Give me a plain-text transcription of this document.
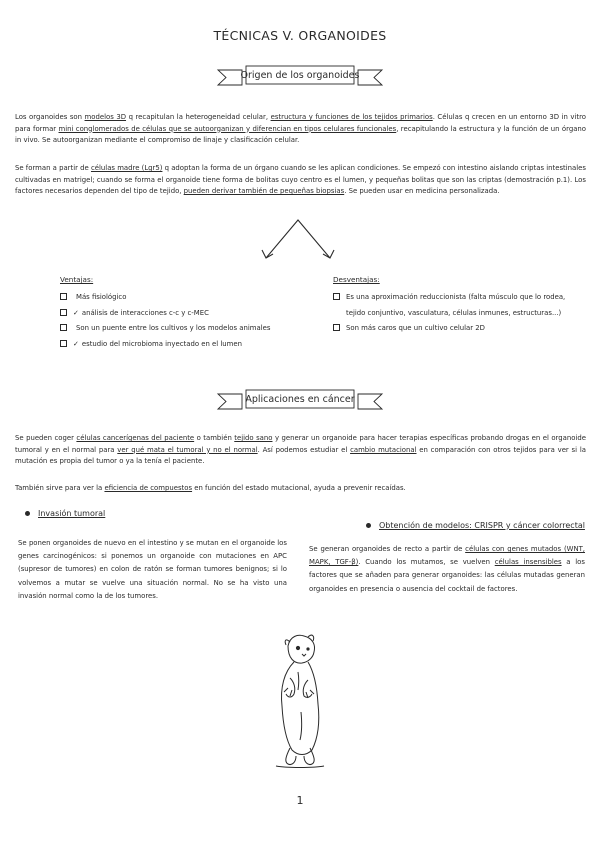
TÉCNICAS V. ORGANOIDES
Origen de los organoides
Los organoides son modelos 3D q recapitulan la heterogeneidad celular, estructura y funciones de los tejidos primarios. Células q crecen en un entorno 3D in vitro para formar mini conglomerados de células que se autoorganizan y diferencian en tipos celulares funcionales, recapitulando la estructura y la función de un órgano in vivo. Se autoorganizan mediante el compromiso de linaje y clasificación celular.
Se forman a partir de células madre (Lgr5) q adoptan la forma de un órgano cuando se les aplican condiciones. Se empezó con intestino aislando criptas intestinales cultivadas en matrigel; cuando se forma el organoide tiene forma de bolitas cuyo centro es el lumen, y pequeñas bolitas que son las criptas (demostración p.1). Los factores necesarios dependen del tipo de tejido, pueden derivar también de pequeñas biopsias. Se pueden usar en medicina personalizada.
Ventajas:
Más fisiológico
✓ análisis de interacciones c-c y c-MEC
Son un puente entre los cultivos y los modelos animales
✓ estudio del microbioma inyectado en el lumen
Desventajas:
Es una aproximación reduccionista (falta músculo que lo rodea, tejido conjuntivo, vasculatura, células inmunes, estructuras...)
Son más caros que un cultivo celular 2D
Aplicaciones en cáncer
Se pueden coger células cancerígenas del paciente o también tejido sano y generar un organoide para hacer terapias específicas probando drogas en el organoide tumoral y en el normal para ver qué mata el tumoral y no el normal. Así podemos estudiar el cambio mutacional en comparación con otros tejidos para ver si la mutación es propia del tumor o ya la tenía el paciente.
También sirve para ver la eficiencia de compuestos en función del estado mutacional, ayuda a prevenir recaídas.
Invasión tumoral
Se ponen organoides de nuevo en el intestino y se mutan en el organoide los genes carcinogénicos: si ponemos un organoide con mutaciones en APC (supresor de tumores) en colon de ratón se forman tumores benignos; si lo volvemos a mutar se vuelve una situación normal. No se ha visto una invasión normal como la de los tumores.
Obtención de modelos: CRISPR y cáncer colorrectal
Se generan organoides de recto a partir de células con genes mutados (WNT, MAPK, TGF-β). Cuando los mutamos, se vuelven células insensibles a los factores que se añaden para generar organoides: las células mutadas generan organoides en presencia o ausencia del cocktail de factores.
1
